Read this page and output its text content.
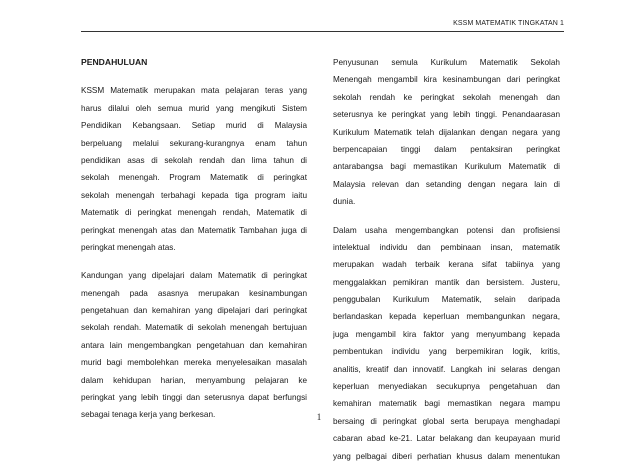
KSSM MATEMATIK TINGKATAN 1
PENDAHULUAN
KSSM Matematik merupakan mata pelajaran teras yang
harus dilalui oleh semua murid yang mengikuti Sistem
Pendidikan Kebangsaan. Setiap murid di Malaysia
berpeluang melalui sekurang-kurangnya enam tahun
pendidikan asas di sekolah rendah dan lima tahun di
sekolah menengah. Program Matematik di peringkat
sekolah menengah terbahagi kepada tiga program iaitu
Matematik di peringkat menengah rendah, Matematik di
peringkat menengah atas dan Matematik Tambahan juga di
peringkat menengah atas.
Kandungan yang dipelajari dalam Matematik di peringkat
menengah pada asasnya merupakan kesinambungan
pengetahuan dan kemahiran yang dipelajari dari peringkat
sekolah rendah. Matematik di sekolah menengah bertujuan
antara lain mengembangkan pengetahuan dan kemahiran
murid bagi membolehkan mereka menyelesaikan masalah
dalam kehidupan harian, menyambung pelajaran ke
peringkat yang lebih tinggi dan seterusnya dapat berfungsi
sebagai tenaga kerja yang berkesan.
Penyusunan semula Kurikulum Matematik Sekolah
Menengah mengambil kira kesinambungan dari peringkat
sekolah rendah ke peringkat sekolah menengah dan
seterusnya ke peringkat yang lebih tinggi. Penandaarasan
Kurikulum Matematik telah dijalankan dengan negara yang
berpencapaian tinggi dalam pentaksiran peringkat
antarabangsa bagi memastikan Kurikulum Matematik di
Malaysia relevan dan setanding dengan negara lain di
dunia.
Dalam usaha mengembangkan potensi dan profisiensi
intelektual individu dan pembinaan insan, matematik
merupakan wadah terbaik kerana sifat tabiinya yang
menggalakkan pemikiran mantik dan bersistem. Justeru,
penggubalan Kurikulum Matematik, selain daripada
berlandaskan kepada keperluan membangunkan negara,
juga mengambil kira faktor yang menyumbang kepada
pembentukan individu yang berpemikiran logik, kritis,
analitis, kreatif dan innovatif. Langkah ini selaras dengan
keperluan menyediakan secukupnya pengetahuan dan
kemahiran matematik bagi memastikan negara mampu
bersaing di peringkat global serta berupaya menghadapi
cabaran abad ke-21. Latar belakang dan keupayaan murid
yang pelbagai diberi perhatian khusus dalam menentukan
1
